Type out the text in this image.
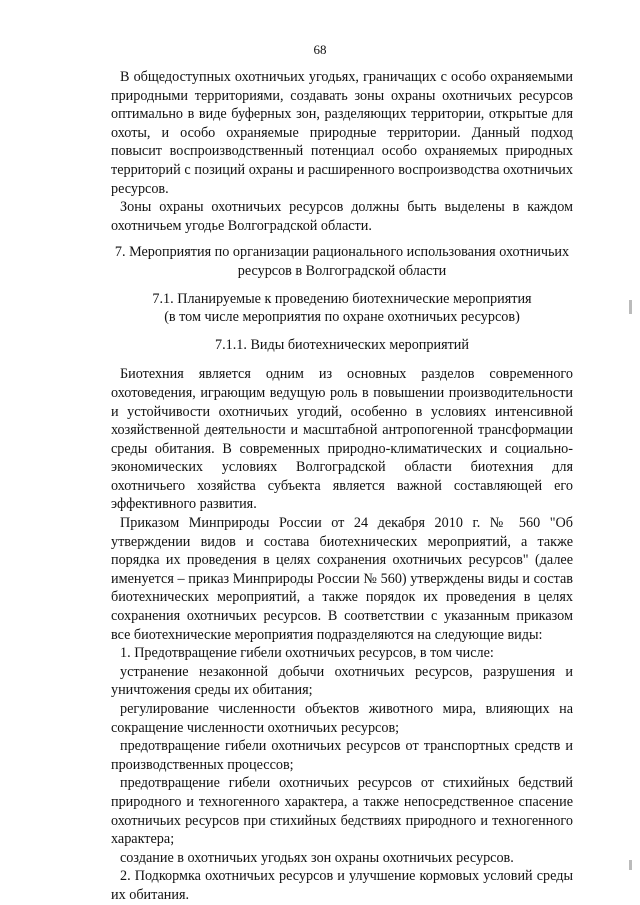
68

В общедоступных охотничьих угодьях, граничащих с особо охраняемыми природными территориями, создавать зоны охраны охотничьих ресурсов оптимально в виде буферных зон, разделяющих территории, открытые для охоты, и особо охраняемые природные территории. Данный подход повысит воспроизводственный потенциал особо охраняемых природных территорий с позиций охраны и расширенного воспроизводства охотничьих ресурсов.

Зоны охраны охотничьих ресурсов должны быть выделены в каждом охотничьем угодье Волгоградской области.

7. Мероприятия по организации рационального использования охотничьих ресурсов в Волгоградской области

7.1. Планируемые к проведению биотехнические мероприятия

(в том числе мероприятия по охране охотничьих ресурсов)

7.1.1. Виды биотехнических мероприятий

Биотехния является одним из основных разделов современного охотоведения, играющим ведущую роль в повышении производительности и устойчивости охотничьих угодий, особенно в условиях интенсивной хозяйственной деятельности и масштабной антропогенной трансформации среды обитания. В современных природно-климатических и социально-экономических условиях Волгоградской области биотехния для охотничьего хозяйства субъекта является важной составляющей его эффективного развития.

Приказом Минприроды России от 24 декабря 2010 г. № 560 "Об утверждении видов и состава биотехнических мероприятий, а также порядка их проведения в целях сохранения охотничьих ресурсов" (далее именуется – приказ Минприроды России № 560) утверждены виды и состав биотехнических мероприятий, а также порядок их проведения в целях сохранения охотничьих ресурсов. В соответствии с указанным приказом все биотехнические мероприятия подразделяются на следующие виды:

1. Предотвращение гибели охотничьих ресурсов, в том числе:

устранение незаконной добычи охотничьих ресурсов, разрушения и уничтожения среды их обитания;

регулирование численности объектов животного мира, влияющих на сокращение численности охотничьих ресурсов;

предотвращение гибели охотничьих ресурсов от транспортных средств и производственных процессов;

предотвращение гибели охотничьих ресурсов от стихийных бедствий природного и техногенного характера, а также непосредственное спасение охотничьих ресурсов при стихийных бедствиях природного и техногенного характера;

создание в охотничьих угодьях зон охраны охотничьих ресурсов.

2. Подкормка охотничьих ресурсов и улучшение кормовых условий среды их обитания.
